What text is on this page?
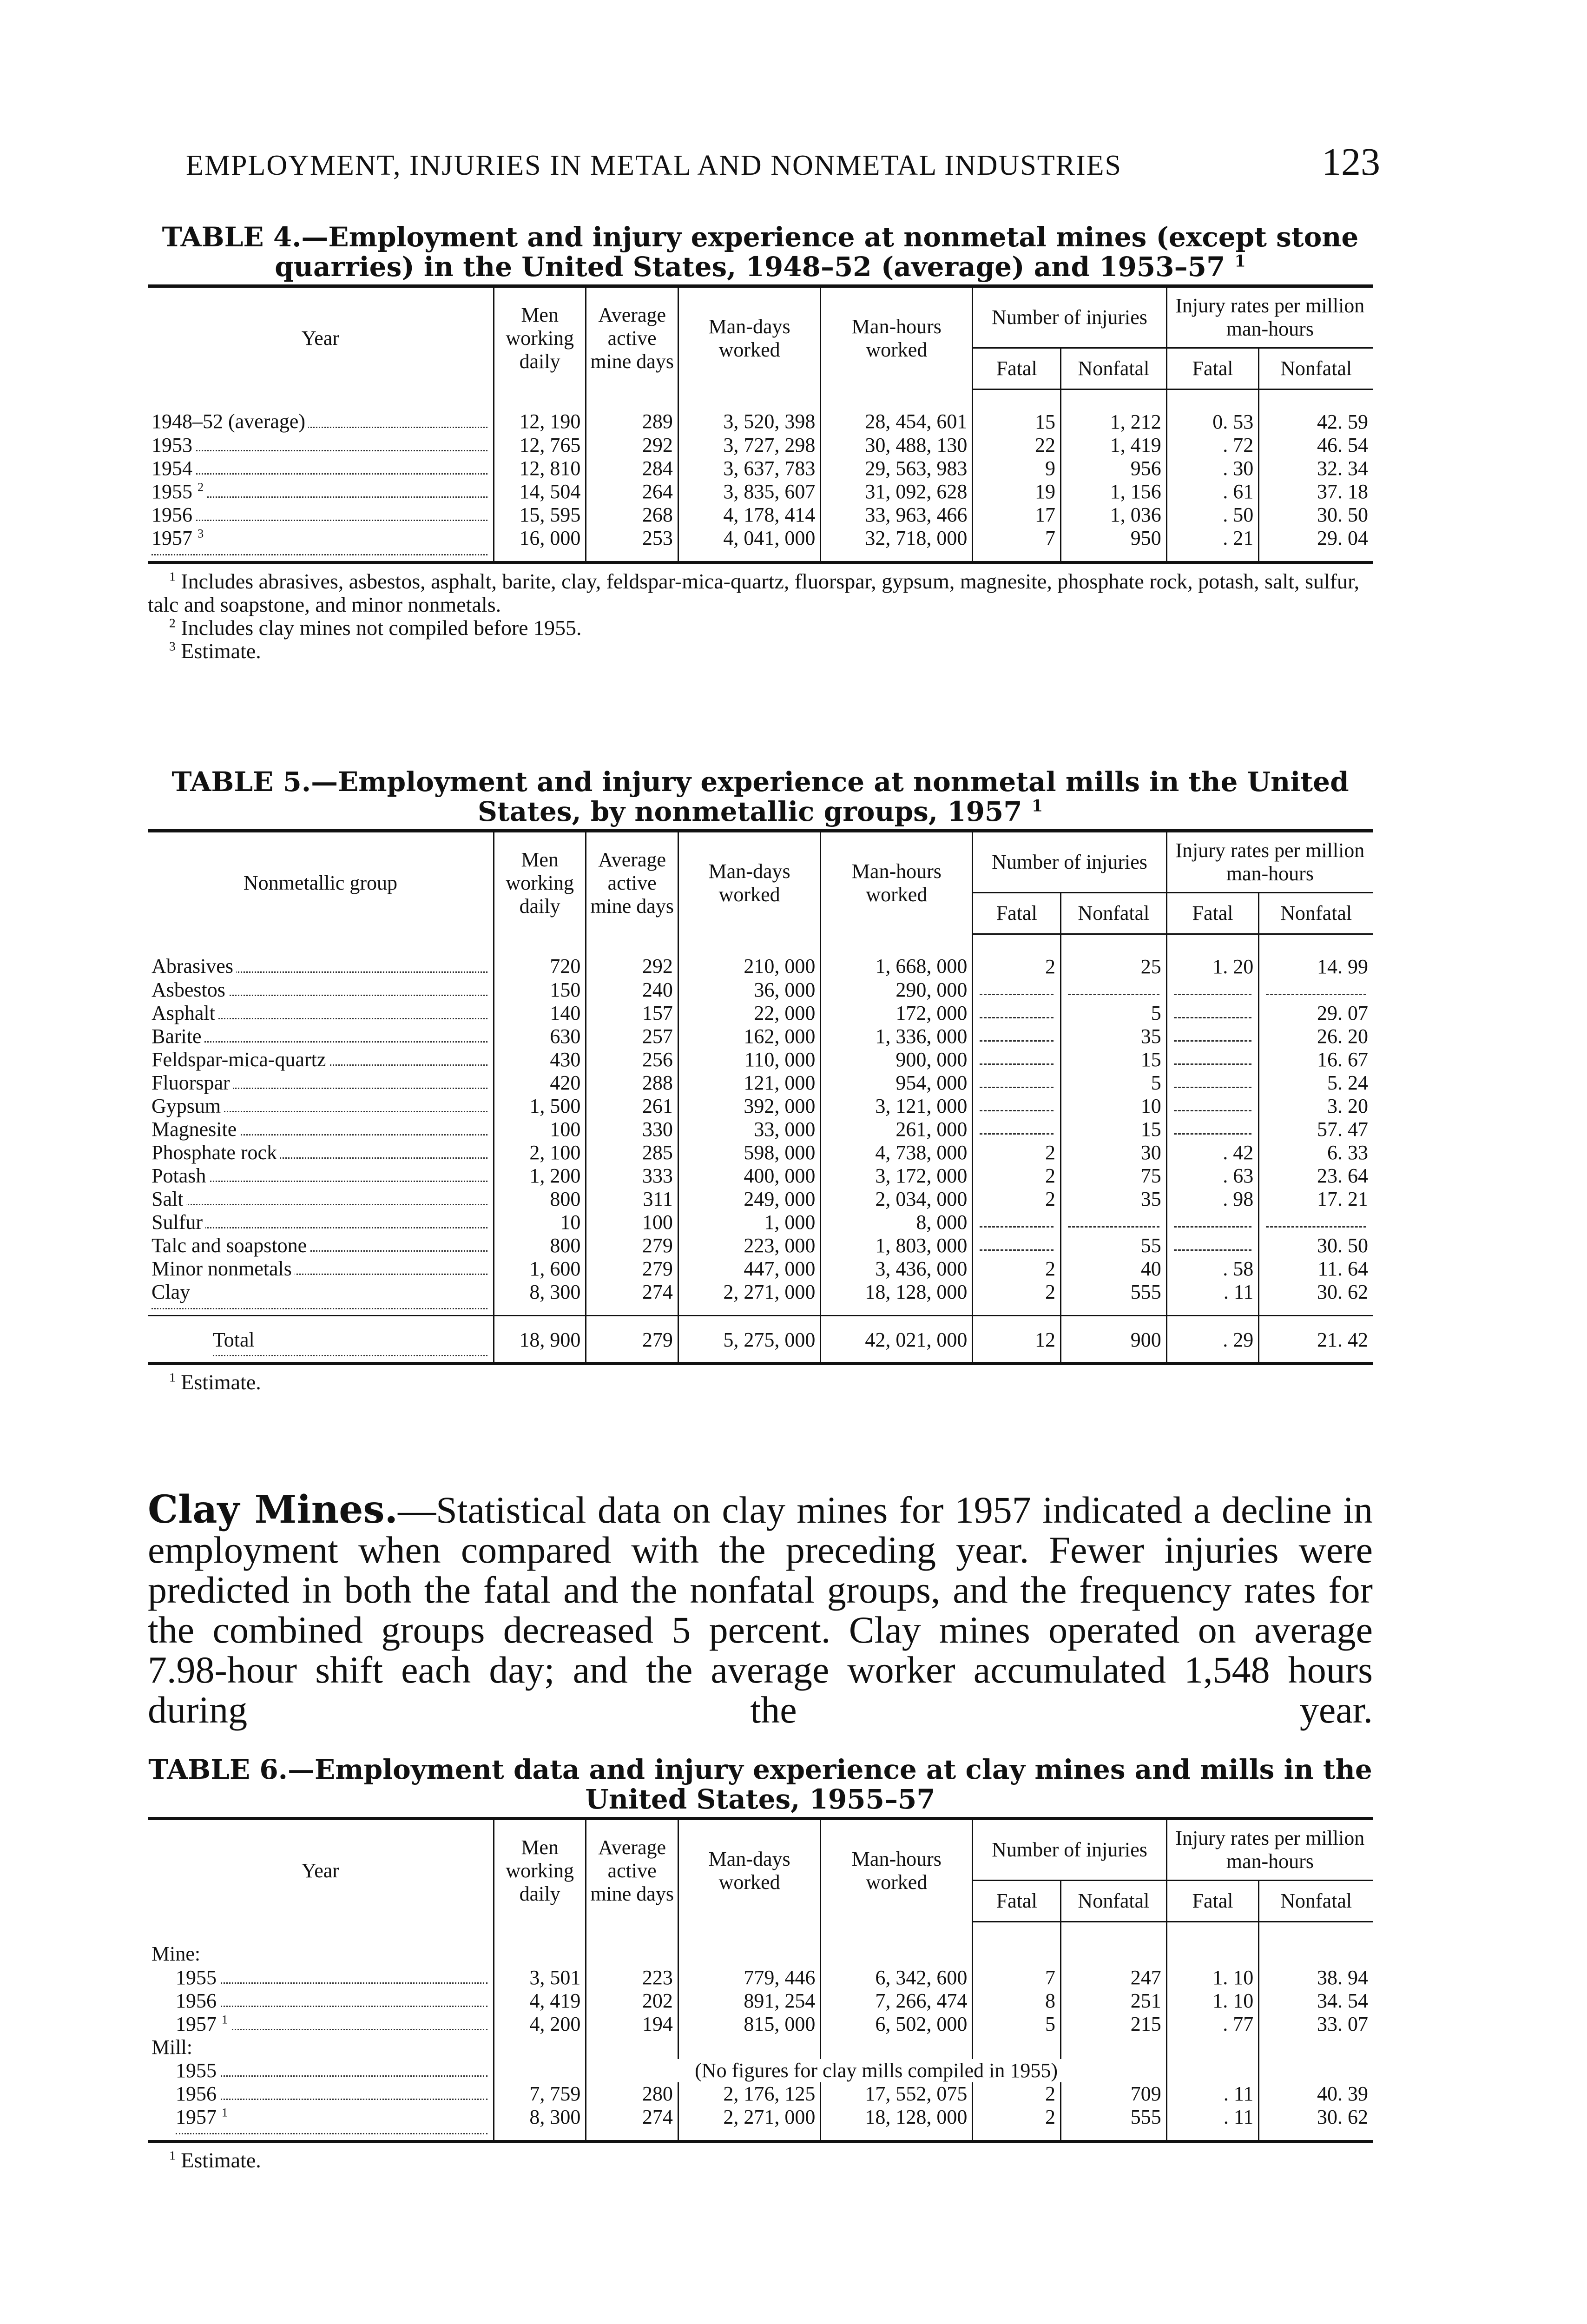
EMPLOYMENT, INJURIES IN METAL AND NONMETAL INDUSTRIES	123
TABLE 4.—Employment and injury experience at nonmetal mines (except stone quarries) in the United States, 1948–52 (average) and 1953–57 $^1$
Year	Men working daily	Average active mine days	Man-days worked	Man-hours worked	Number of injuries		Injury rates per million man-hours	
					Fatal	Nonfatal	Fatal	Nonfatal
1948–52 (average)	12, 190	289	3, 520, 398	28, 454, 601	15	1, 212	0. 53	42. 59
1953	12, 765	292	3, 727, 298	30, 488, 130	22	1, 419	. 72	46. 54
1954	12, 810	284	3, 637, 783	29, 563, 983	9	956	. 30	32. 34
1955 $^2$	14, 504	264	3, 835, 607	31, 092, 628	19	1, 156	. 61	37. 18
1956	15, 595	268	4, 178, 414	33, 963, 466	17	1, 036	. 50	30. 50
1957 $^3$	16, 000	253	4, 041, 000	32, 718, 000	7	950	. 21	29. 04

$^1$ Includes abrasives, asbestos, asphalt, barite, clay, feldspar-mica-quartz, fluorspar, gypsum, magnesite, phosphate rock, potash, salt, sulfur, talc and soapstone, and minor nonmetals.

$^2$ Includes clay mines not compiled before 1955.

$^3$ Estimate.

TABLE 5.—Employment and injury experience at nonmetal mills in the United States, by nonmetallic groups, 1957 $^1$
Nonmetallic group	Men working daily	Average active mine days	Man-days worked	Man-hours worked	Number of injuries		Injury rates per million man-hours	
					Fatal	Nonfatal	Fatal	Nonfatal
Abrasives	720	292	210, 000	1, 668, 000	2	25	1. 20	14. 99
Asbestos	150	240	36, 000	290, 000				
Asphalt	140	157	22, 000	172, 000		5		29. 07
Barite	630	257	162, 000	1, 336, 000		35		26. 20
Feldspar-mica-quartz	430	256	110, 000	900, 000		15		16. 67
Fluorspar	420	288	121, 000	954, 000		5		5. 24
Gypsum	1, 500	261	392, 000	3, 121, 000		10		3. 20
Magnesite	100	330	33, 000	261, 000		15		57. 47
Phosphate rock	2, 100	285	598, 000	4, 738, 000	2	30	. 42	6. 33
Potash	1, 200	333	400, 000	3, 172, 000	2	75	. 63	23. 64
Salt	800	311	249, 000	2, 034, 000	2	35	. 98	17. 21
Sulfur	10	100	1, 000	8, 000				
Talc and soapstone	800	279	223, 000	1, 803, 000		55		30. 50
Minor nonmetals	1, 600	279	447, 000	3, 436, 000	2	40	. 58	11. 64
Clay	8, 300	274	2, 271, 000	18, 128, 000	2	555	. 11	30. 62
Total	18, 900	279	5, 275, 000	42, 021, 000	12	900	. 29	21. 42

$^1$ Estimate.

Clay Mines.—Statistical data on clay mines for 1957 indicated a decline in employment when compared with the preceding year. Fewer injuries were predicted in both the fatal and the nonfatal groups, and the frequency rates for the combined groups decreased 5 percent. Clay mines operated on average 7.98-hour shift each day; and the average worker accumulated 1,548 hours during the year.
TABLE 6.—Employment data and injury experience at clay mines and mills in the United States, 1955–57
Year	Men working daily	Average active mine days	Man-days worked	Man-hours worked	Number of injuries		Injury rates per million man-hours	
					Fatal	Nonfatal	Fatal	Nonfatal
Mine:								
1955	3, 501	223	779, 446	6, 342, 600	7	247	1. 10	38. 94
1956	4, 419	202	891, 254	7, 266, 474	8	251	1. 10	34. 54
1957 $^1$	4, 200	194	815, 000	6, 502, 000	5	215	. 77	33. 07
Mill:								
1955		(No figures for clay mills compiled in 1955)						
1956	7, 759	280	2, 176, 125	17, 552, 075	2	709	. 11	40. 39
1957 $^1$	8, 300	274	2, 271, 000	18, 128, 000	2	555	. 11	30. 62

$^1$ Estimate.
